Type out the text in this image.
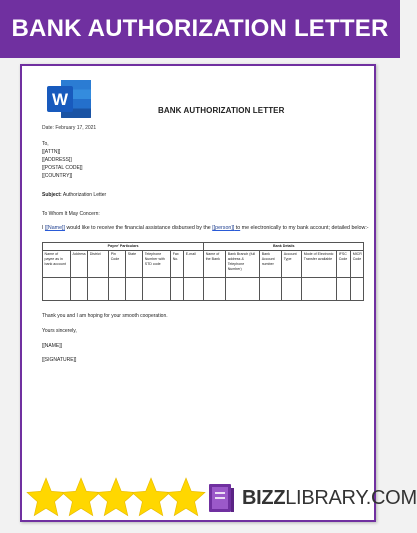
BANK AUTHORIZATION LETTER
W
BANK AUTHORIZATION LETTER
Date: February 17, 2021
To,
[[ATTN]]
[[ADDRESS]]
[[POSTAL CODE]]
[[COUNTRY]]
Subject: Authorization Letter
To Whom It May Concern:
I [[Name]] would like to receive the financial assistance disbursed by the [[person]] to me electronically to my bank account; detailed below:-
Payee' Particulars								Bank Details						
Name of payee as in bank account	Address	District	Pin Code	State	Telephone Number with STD code	Fax No.	E-mail	Name of the Bank	Bank Branch (full address & Telephone Number)	Bank Account number	Account Type	Mode of Electronic Transfer available	IFSC Code	MICR Code

Thank you and I am hoping for your smooth cooperation.
Yours sincerely,
[[NAME]]
[[SIGNATURE]]
BIZZLIBRARY.COM
